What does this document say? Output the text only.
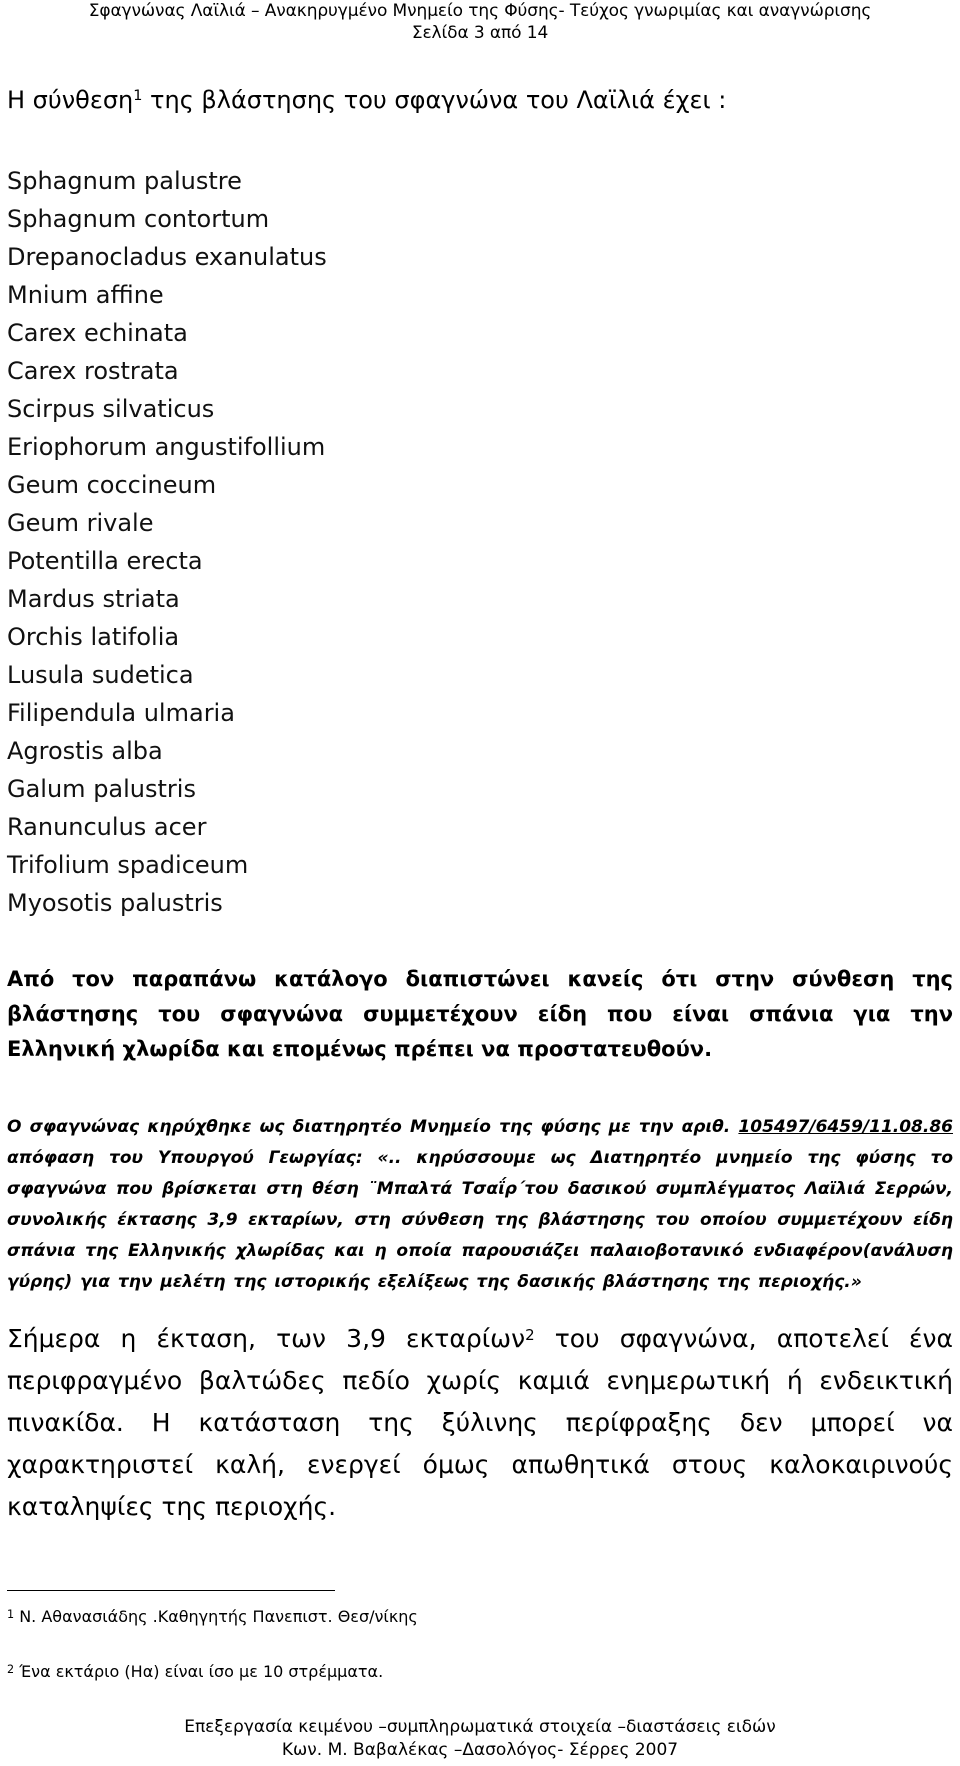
Σφαγνώνας Λαϊλιά – Ανακηρυγμένο Μνημείο της Φύσης- Τεύχος γνωριμίας και αναγνώρισης
Σελίδα 3 από 14
Η σύνθεση$^1$ της βλάστησης του σφαγνώνα του Λαϊλιά έχει :
Sphagnum palustre
Sphagnum contortum
Drepanocladus exanulatus
Mnium affine
Carex echinata
Carex rostrata
Scirpus silvaticus
Eriophorum angustifollium
Geum coccineum
Geum rivale
Potentilla erecta
Mardus striata
Orchis latifolia
Lusula sudetica
Filipendula ulmaria
Agrostis alba
Galum palustris
Ranunculus acer
Trifolium spadiceum
Myosotis palustris

Από τον παραπάνω κατάλογο διαπιστώνει κανείς ότι στην σύνθεση της βλάστησης του σφαγνώνα συμμετέχουν είδη που είναι σπάνια για την Ελληνική χλωρίδα και επομένως πρέπει να προστατευθούν.

Ο σφαγνώνας κηρύχθηκε ως διατηρητέο Μνημείο της φύσης με την αριθ. 105497/6459/11.08.86 απόφαση του Υπουργού Γεωργίας: «.. κηρύσσουμε ως Διατηρητέο μνημείο της φύσης το σφαγνώνα που βρίσκεται στη θέση ¨Μπαλτά Τσαΐρ΄του δασικού συμπλέγματος Λαϊλιά Σερρών, συνολικής έκτασης 3,9 εκταρίων, στη σύνθεση της βλάστησης του οποίου συμμετέχουν είδη σπάνια της Ελληνικής χλωρίδας και η οποία παρουσιάζει παλαιοβοτανικό ενδιαφέρον(ανάλυση γύρης) για την μελέτη της ιστορικής εξελίξεως της δασικής βλάστησης της περιοχής.»

Σήμερα η έκταση, των 3,9 εκταρίων$^2$ του σφαγνώνα, αποτελεί ένα περιφραγμένο βαλτώδες πεδίο χωρίς καμιά ενημερωτική ή ενδεικτική πινακίδα. Η κατάσταση της ξύλινης περίφραξης δεν μπορεί να χαρακτηριστεί καλή, ενεργεί όμως απωθητικά στους καλοκαιρινούς καταληψίες της περιοχής.

$^1$ Ν. Αθανασιάδης .Καθηγητής Πανεπιστ. Θεσ/νίκης
$^2$ Ένα εκτάριο (Ηα) είναι ίσο με 10 στρέμματα.
Επεξεργασία κειμένου –συμπληρωματικά στοιχεία –διαστάσεις ειδών
Κων. Μ. Βαβαλέκας –Δασολόγος- Σέρρες 2007
